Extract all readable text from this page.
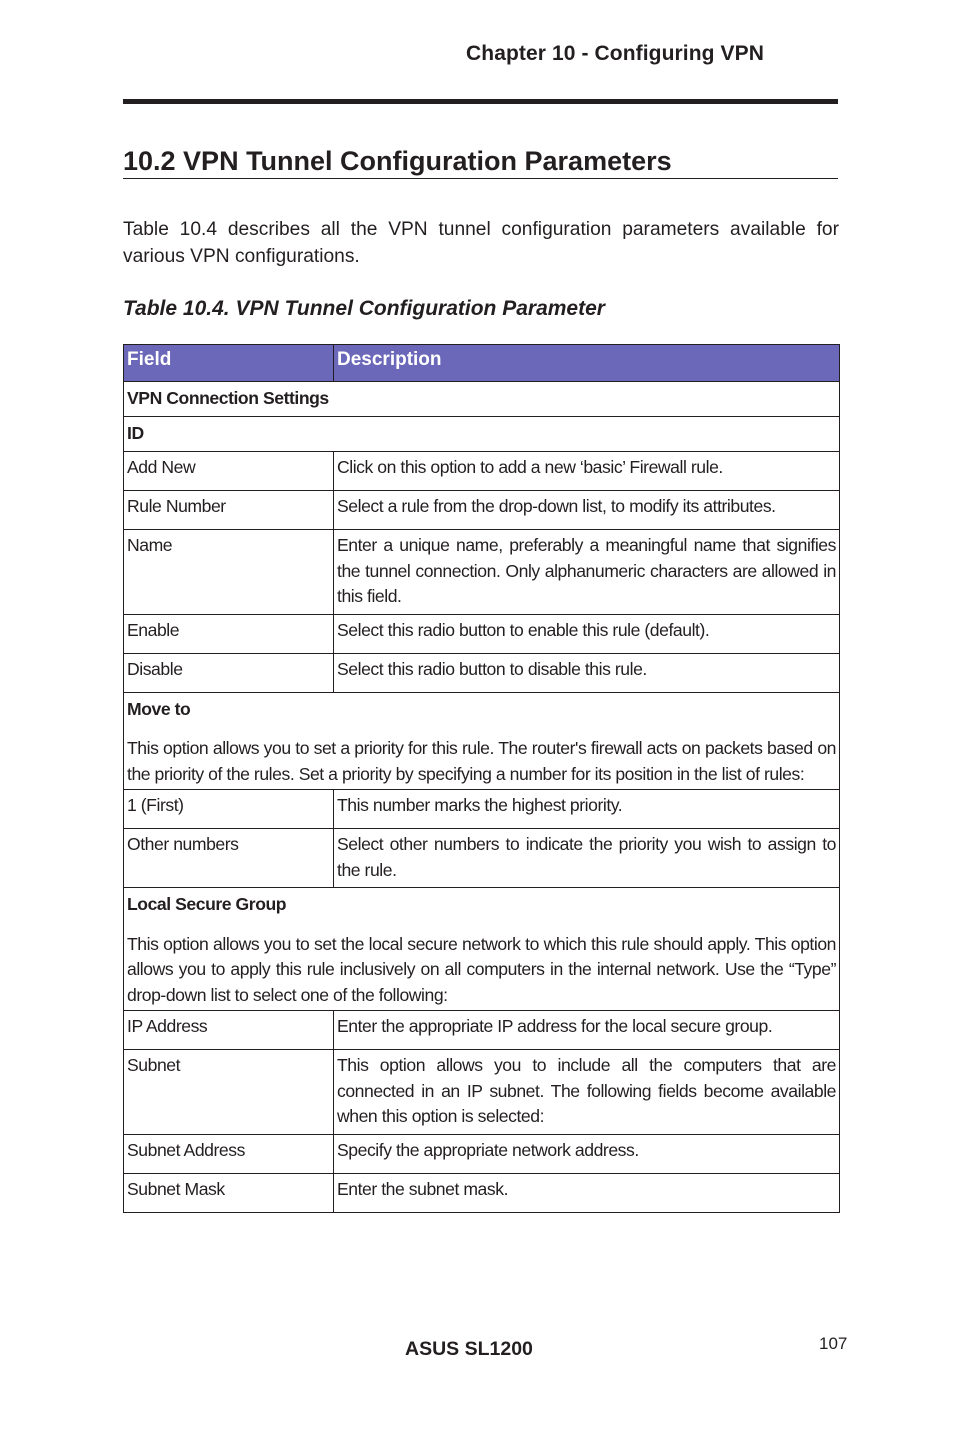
Chapter 10 - Configuring VPN
10.2 VPN Tunnel Configuration Parameters
Table 10.4 describes all the VPN tunnel configuration parameters available for various VPN configurations.
Table 10.4. VPN Tunnel Configuration Parameter
Field	Description
VPN Connection Settings	
ID	
Add New	Click on this option to add a new ‘basic’ Firewall rule.
Rule Number	Select a rule from the drop-down list, to modify its attributes.
Name	Enter a unique name, preferably a meaningful name that signifies the tunnel connection. Only alphanumeric characters are allowed in this field.
Enable	Select this radio button to enable this rule (default).
Disable	Select this radio button to disable this rule.

Move to
This option allows you to set a priority for this rule. The router's firewall acts on packets based on the priority of the rules. Set a priority by specifying a number for its position in the list of rules:	
1 (First)	This number marks the highest priority.
Other numbers	Select other numbers to indicate the priority you wish to assign to the rule.

Local Secure Group
This option allows you to set the local secure network to which this rule should apply. This option allows you to apply this rule inclusively on all computers in the internal network. Use the “Type” drop-down list to select one of the following:	
IP Address	Enter the appropriate IP address for the local secure group.
Subnet	This option allows you to include all the computers that are connected in an IP subnet. The following fields become available when this option is selected:
Subnet Address	Specify the appropriate network address.
Subnet Mask	Enter the subnet mask.
ASUS SL1200	107
